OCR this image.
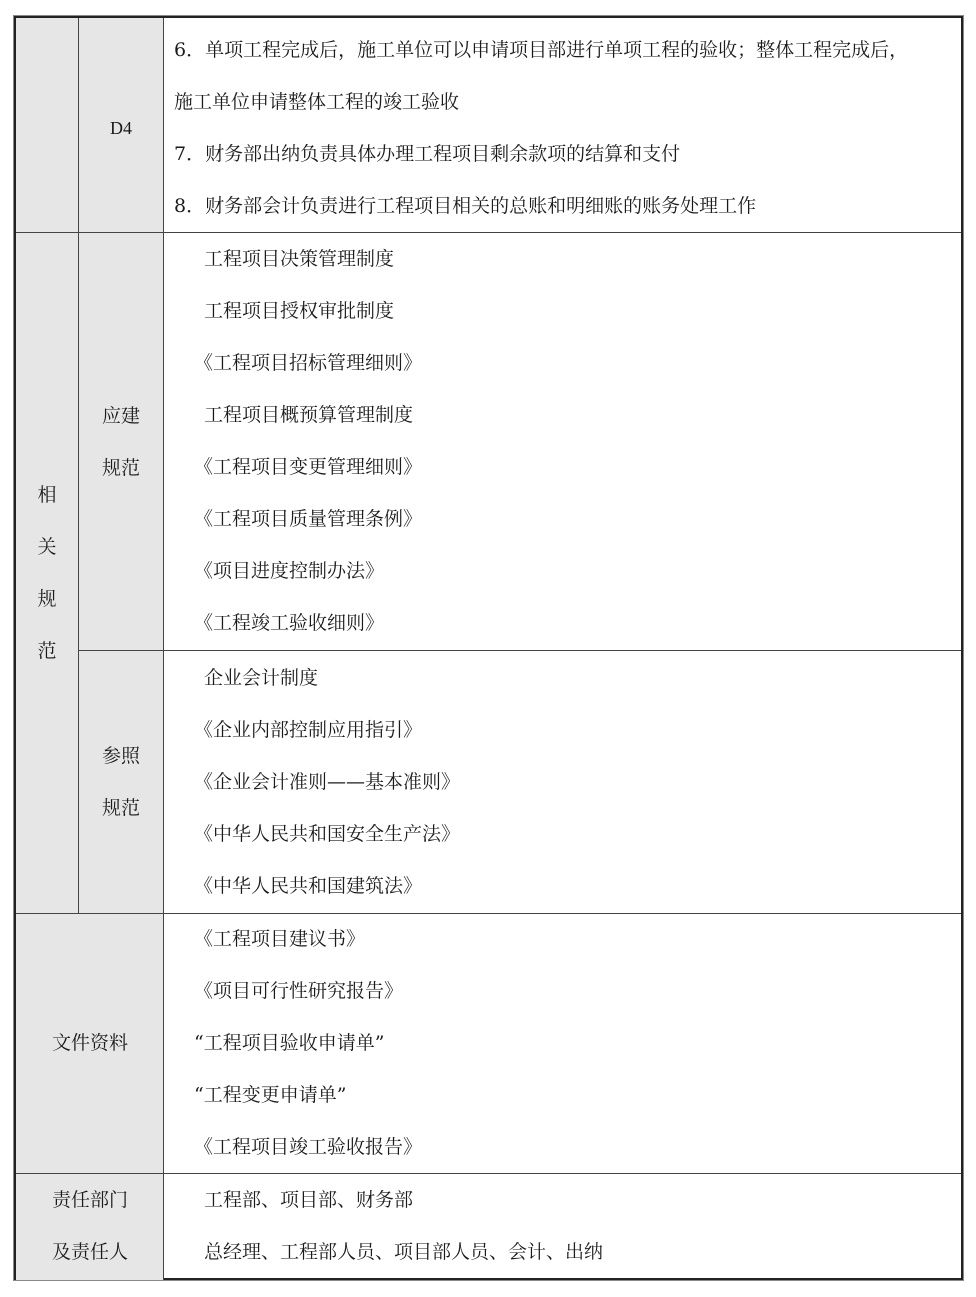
D4
6．单项工程完成后，施工单位可以申请项目部进行单项工程的验收；整体工程完成后，
施工单位申请整体工程的竣工验收
7．财务部出纳负责具体办理工程项目剩余款项的结算和支付
8．财务部会计负责进行工程项目相关的总账和明细账的账务处理工作
相
关
规
范
应建
规范
工程项目决策管理制度
工程项目授权审批制度
《工程项目招标管理细则》
工程项目概预算管理制度
《工程项目变更管理细则》
《工程项目质量管理条例》
《项目进度控制办法》
《工程竣工验收细则》
参照
规范
企业会计制度
《企业内部控制应用指引》
《企业会计准则——基本准则》
《中华人民共和国安全生产法》
《中华人民共和国建筑法》
文件资料
《工程项目建议书》
《项目可行性研究报告》
“工程项目验收申请单”
“工程变更申请单”
《工程项目竣工验收报告》
责任部门
及责任人
工程部、项目部、财务部
总经理、工程部人员、项目部人员、会计、出纳
